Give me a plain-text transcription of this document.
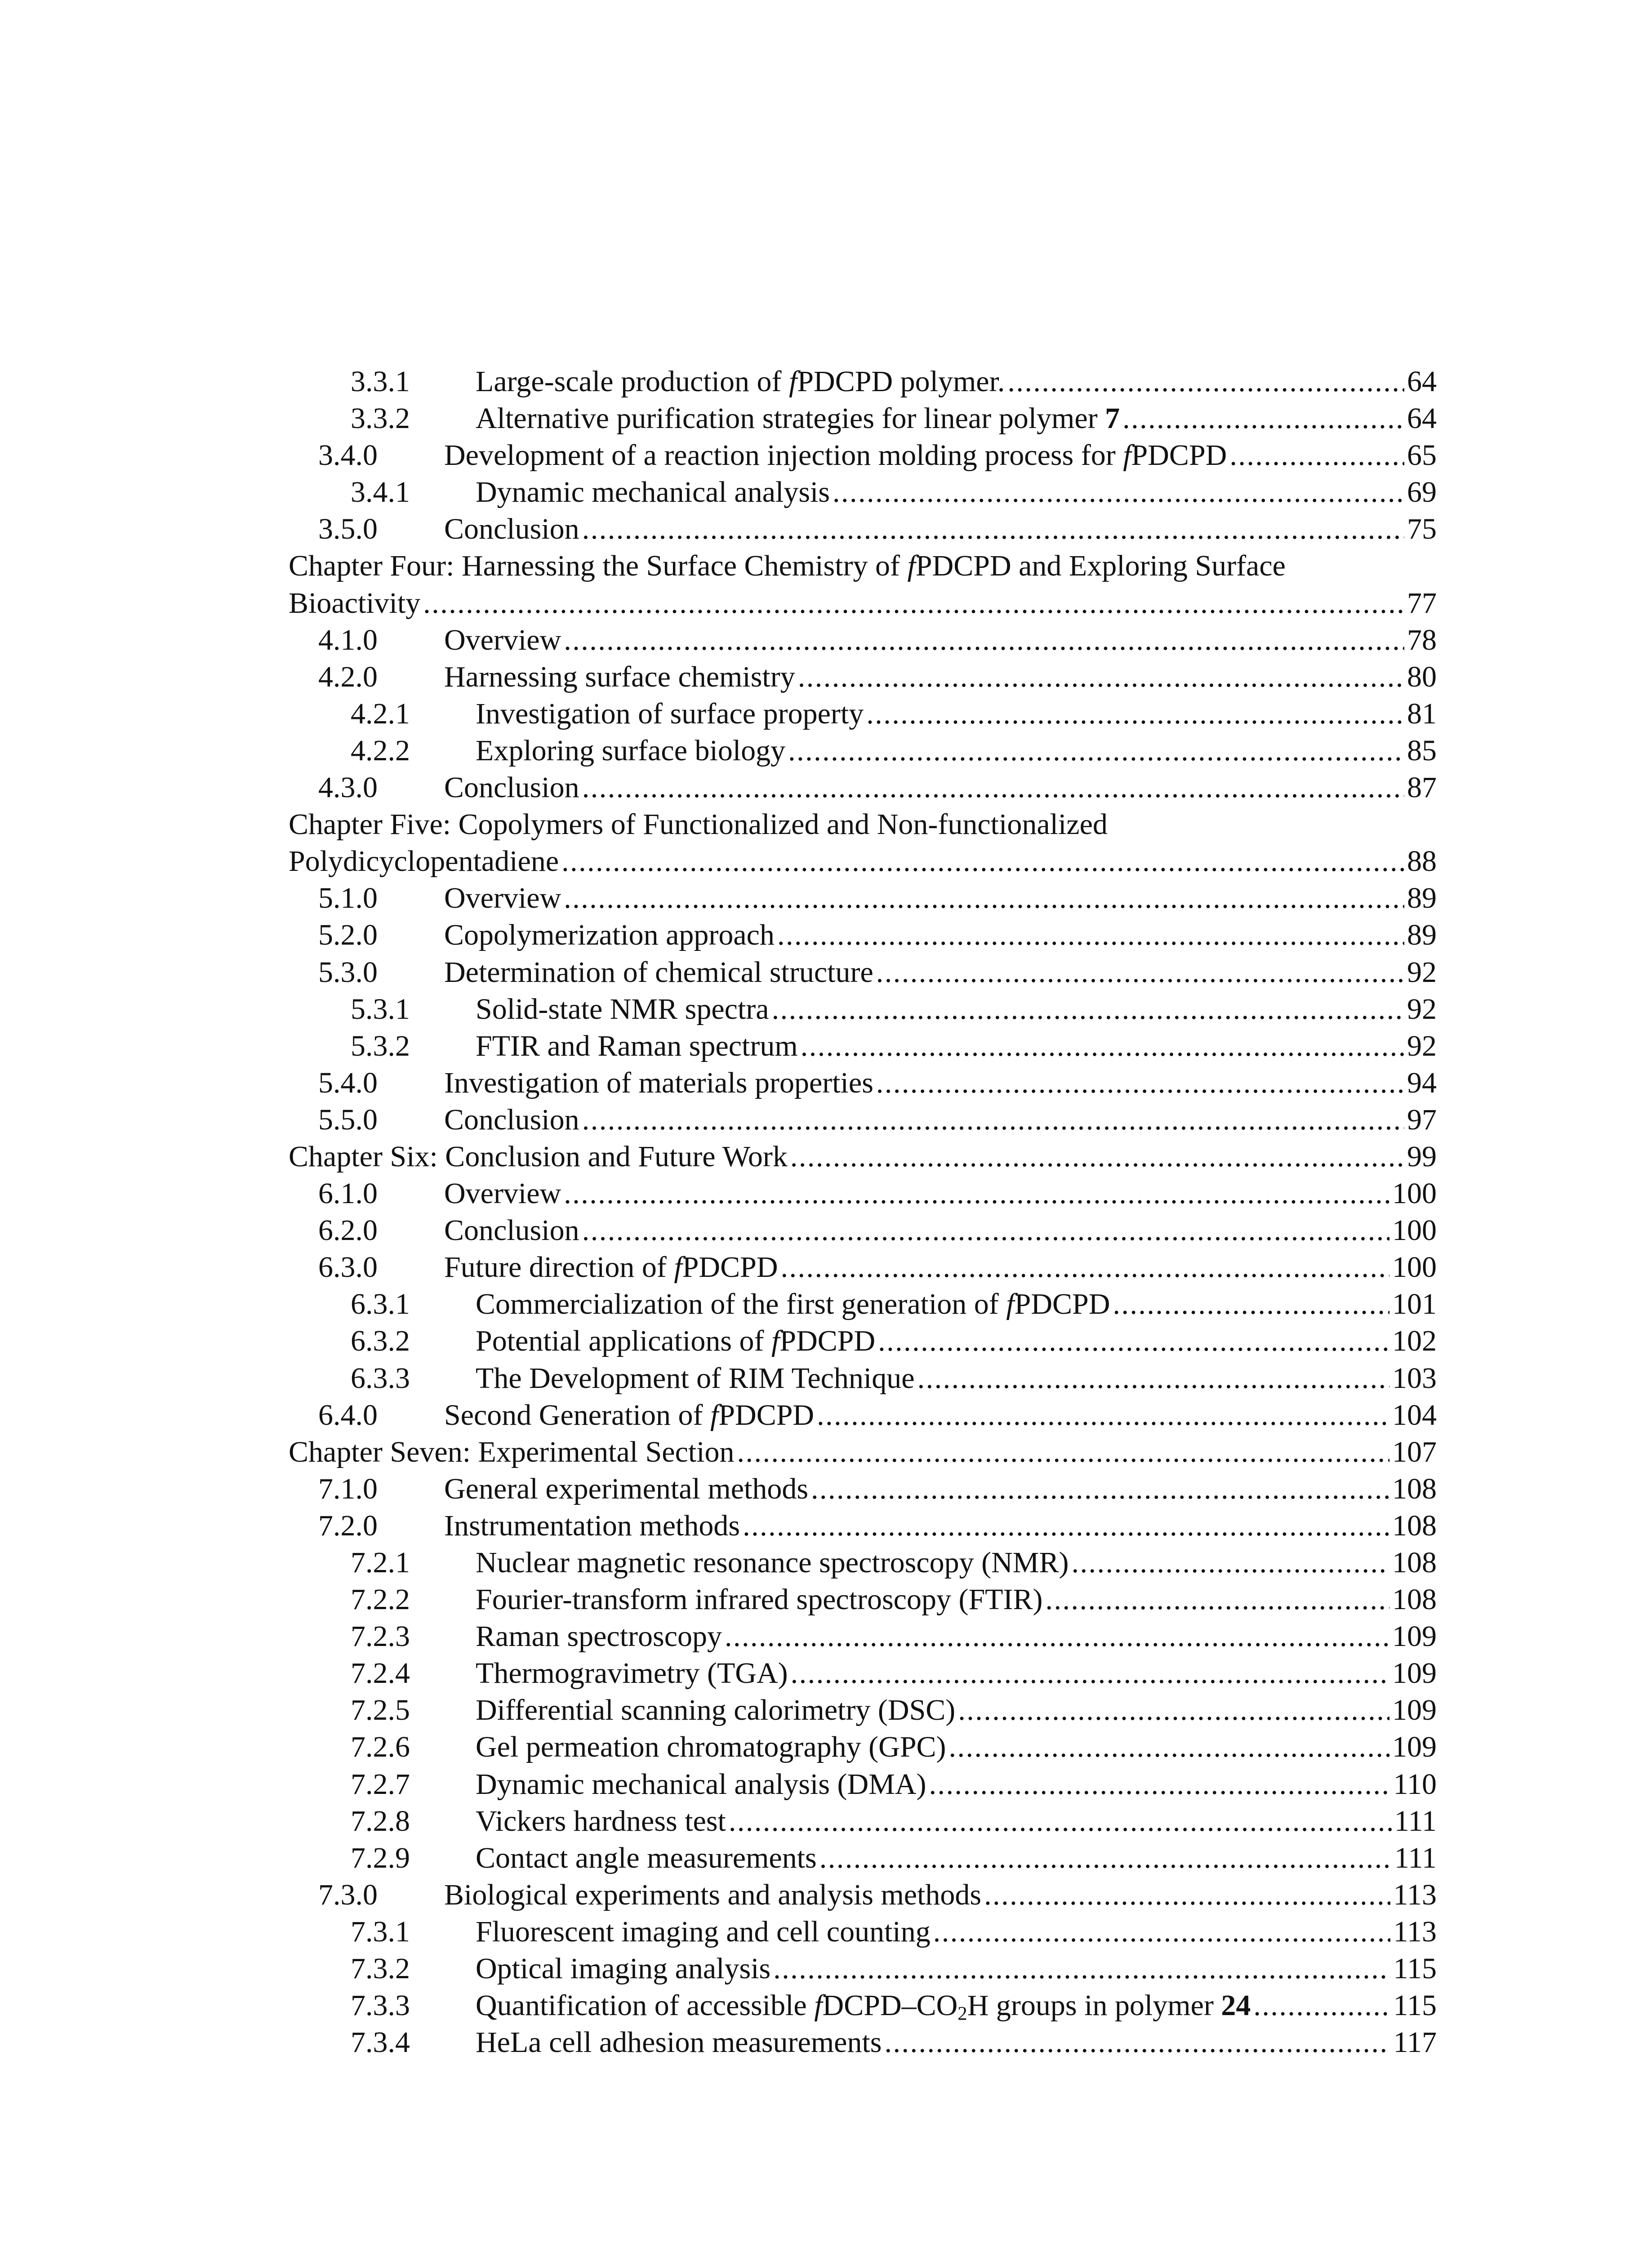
3.3.1	Large-scale production of fPDCPD polymer. . . .	64
3.3.2	Alternative purification strategies for linear polymer 7 . . .	64
3.4.0	Development of a reaction injection molding process for fPDCPD . . .	65
3.4.1	Dynamic mechanical analysis . . .	69
3.5.0	Conclusion . . .	75
Chapter Four: Harnessing the Surface Chemistry of fPDCPD and Exploring Surface
Bioactivity . . .	77
4.1.0	Overview . . .	78
4.2.0	Harnessing surface chemistry . . .	80
4.2.1	Investigation of surface property . . .	81
4.2.2	Exploring surface biology . . .	85
4.3.0	Conclusion . . .	87
Chapter Five: Copolymers of Functionalized and Non-functionalized
Polydicyclopentadiene . . .	88
5.1.0	Overview . . .	89
5.2.0	Copolymerization approach . . .	89
5.3.0	Determination of chemical structure . . .	92
5.3.1	Solid-state NMR spectra . . .	92
5.3.2	FTIR and Raman spectrum . . .	92
5.4.0	Investigation of materials properties . . .	94
5.5.0	Conclusion . . .	97
Chapter Six: Conclusion and Future Work . . .	99
6.1.0	Overview . . .	100
6.2.0	Conclusion . . .	100
6.3.0	Future direction of fPDCPD . . .	100
6.3.1	Commercialization of the first generation of fPDCPD . . .	101
6.3.2	Potential applications of fPDCPD . . .	102
6.3.3	The Development of RIM Technique . . .	103
6.4.0	Second Generation of fPDCPD . . .	104
Chapter Seven: Experimental Section . . .	107
7.1.0	General experimental methods . . .	108
7.2.0	Instrumentation methods . . .	108
7.2.1	Nuclear magnetic resonance spectroscopy (NMR) . . .	108
7.2.2	Fourier-transform infrared spectroscopy (FTIR) . . .	108
7.2.3	Raman spectroscopy . . .	109
7.2.4	Thermogravimetry (TGA) . . .	109
7.2.5	Differential scanning calorimetry (DSC) . . .	109
7.2.6	Gel permeation chromatography (GPC) . . .	109
7.2.7	Dynamic mechanical analysis (DMA) . . .	110
7.2.8	Vickers hardness test . . .	111
7.2.9	Contact angle measurements . . .	111
7.3.0	Biological experiments and analysis methods . . .	113
7.3.1	Fluorescent imaging and cell counting . . .	113
7.3.2	Optical imaging analysis . . .	115
7.3.3	Quantification of accessible fDCPD–$CO_2H$ groups in polymer 24 . . .	115
7.3.4	HeLa cell adhesion measurements . . .	117
